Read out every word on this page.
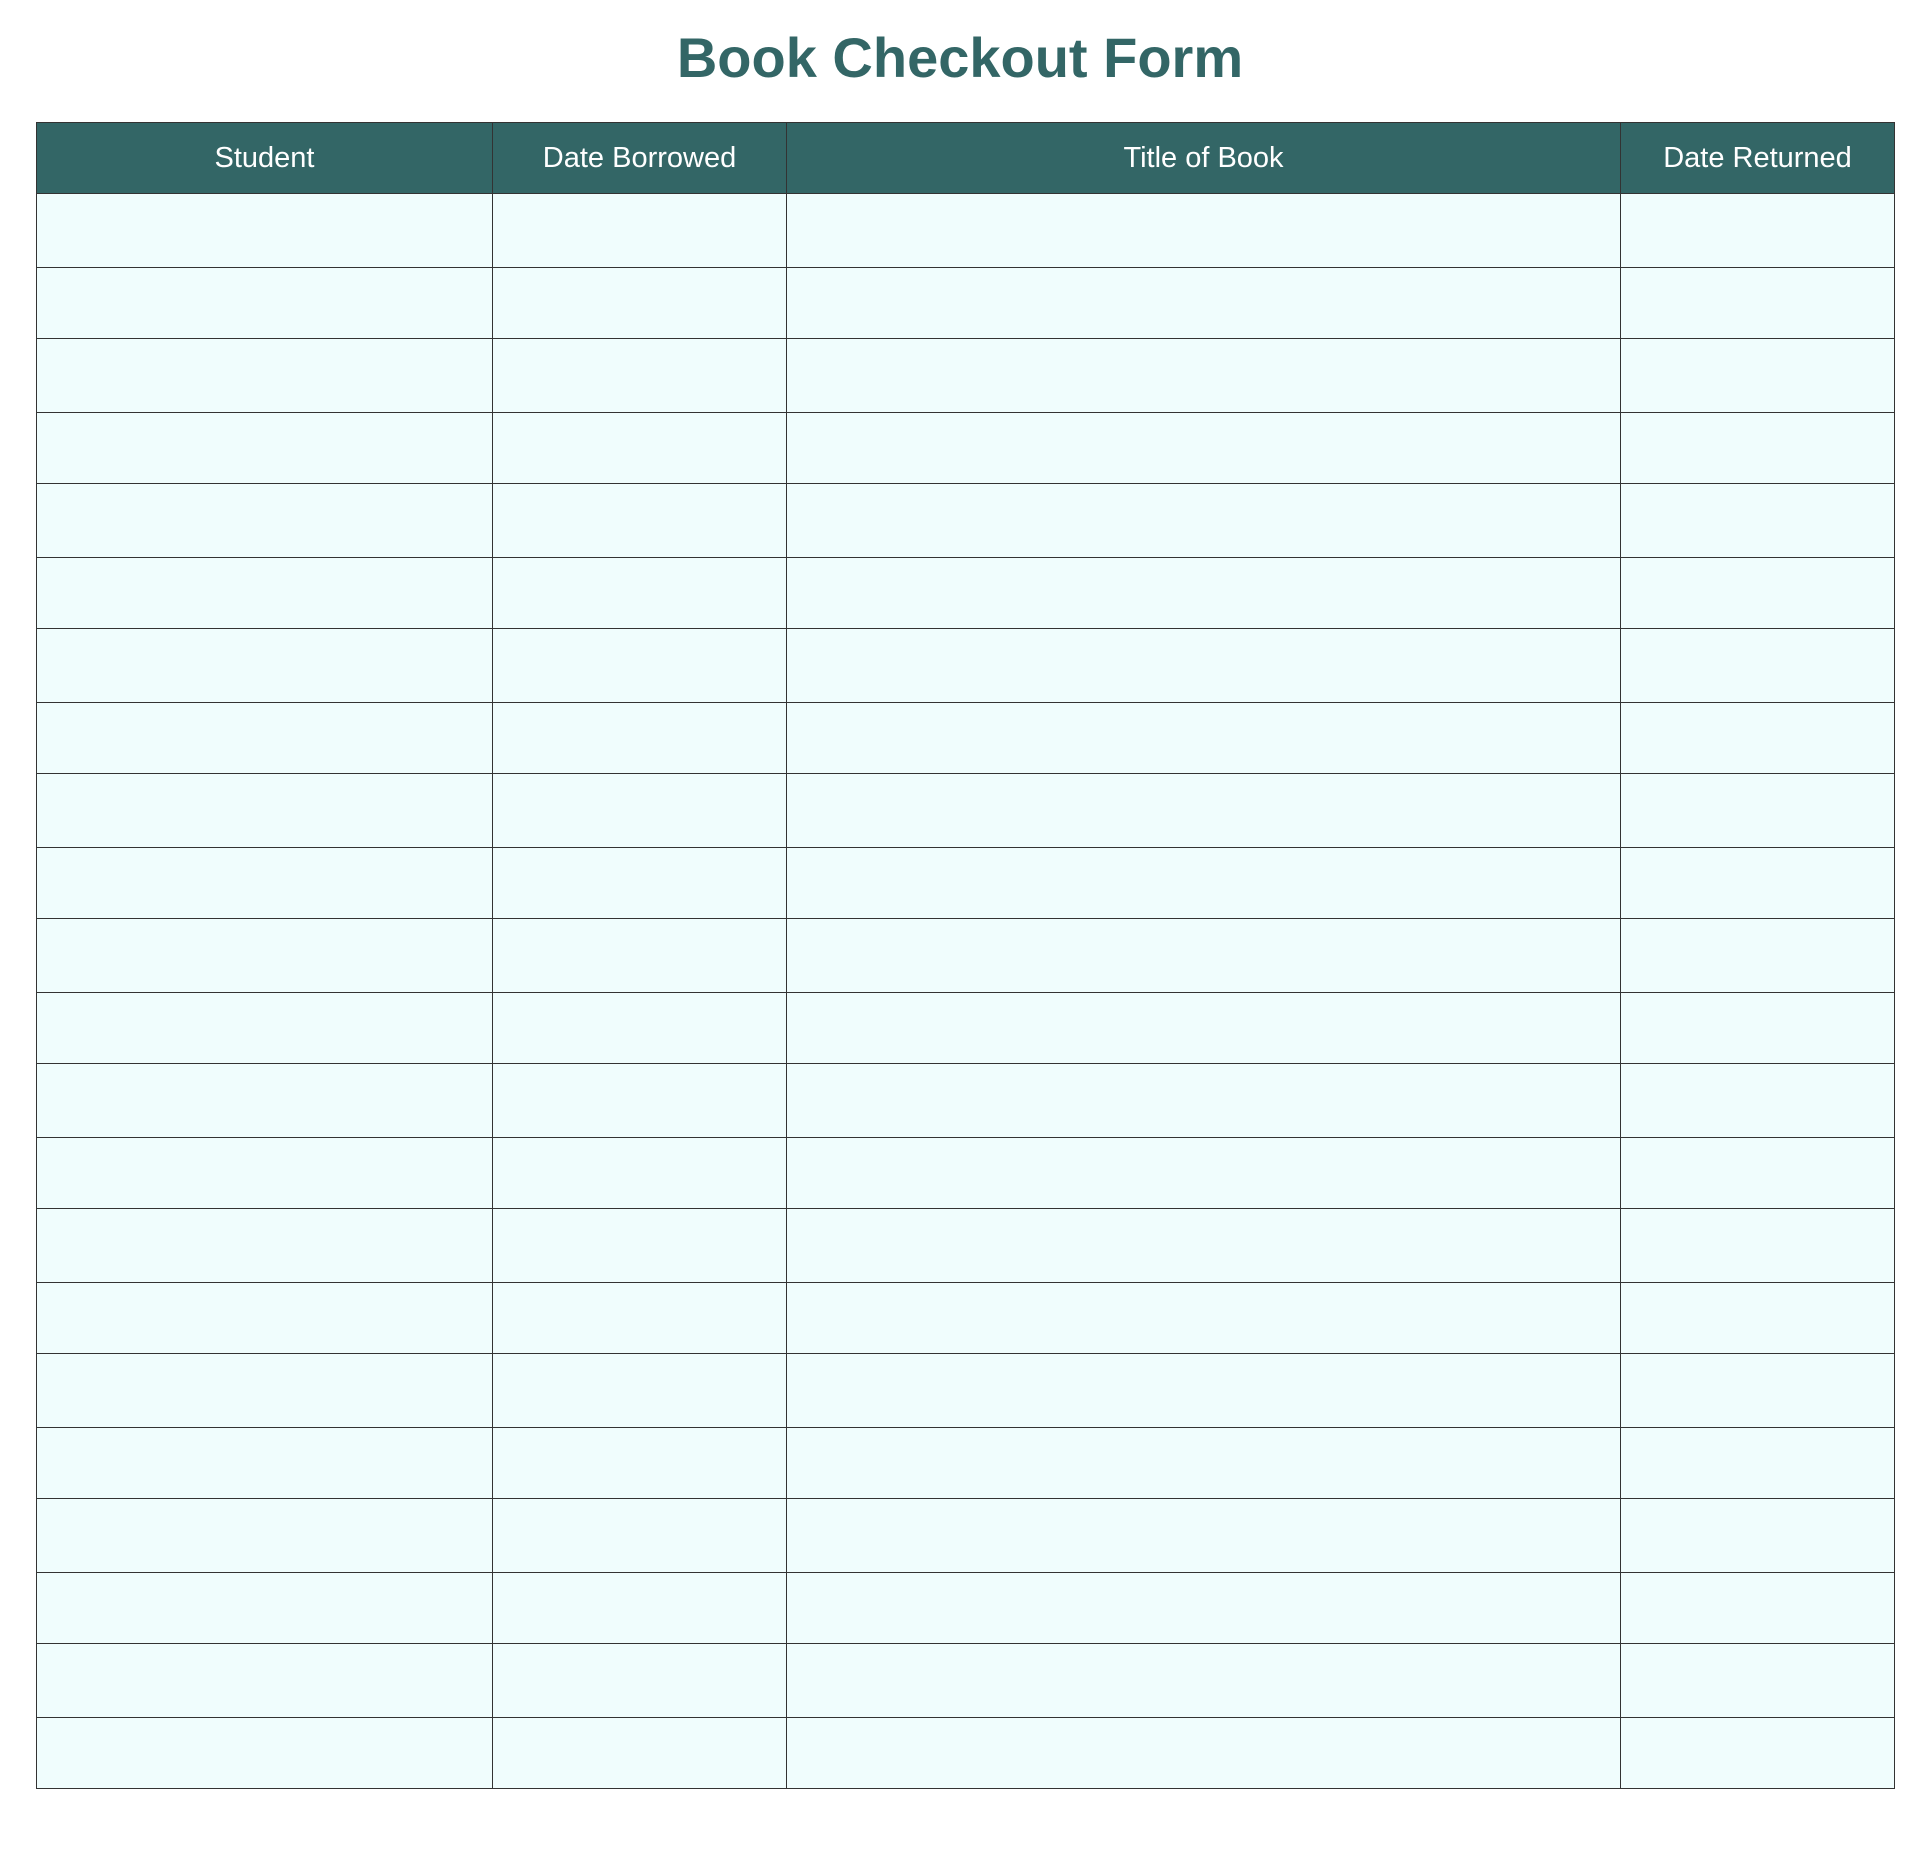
Book Checkout Form
Student	Date Borrowed	Title of Book	Date Returned
